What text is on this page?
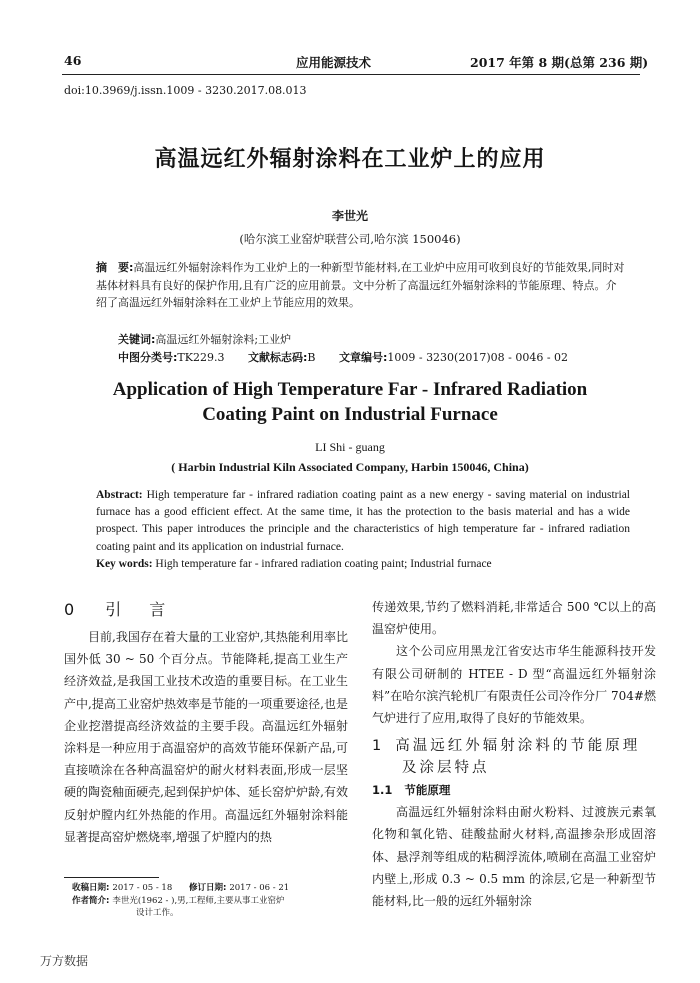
46	应用能源技术	2017 年第 8 期(总第 236 期)
doi:10.3969/j.issn.1009 - 3230.2017.08.013
高温远红外辐射涂料在工业炉上的应用
李世光
(哈尔滨工业窑炉联营公司,哈尔滨 150046)
摘　要:高温远红外辐射涂料作为工业炉上的一种新型节能材料,在工业炉中应用可收到良好的节能效果,同时对基体材料具有良好的保护作用,且有广泛的应用前景。文中分析了高温远红外辐射涂料的节能原理、特点。介绍了高温远红外辐射涂料在工业炉上节能应用的效果。
关键词:高温远红外辐射涂料;工业炉
中图分类号:TK229.3 文献标志码:B 文章编号:1009 - 3230(2017)08 - 0046 - 02
Application of High Temperature Far - Infrared Radiation
Coating Paint on Industrial Furnace
LI Shi - guang
( Harbin Industrial Kiln Associated Company, Harbin 150046, China)
Abstract: High temperature far - infrared radiation coating paint as a new energy - saving material on industrial furnace has a good efficient effect. At the same time, it has the protection to the basis material and has a wide prospect. This paper introduces the principle and the characteristics of high temperature far - infrared radiation coating paint and its application on industrial furnace.
Key words: High temperature far - infrared radiation coating paint; Industrial furnace
0 引　言

目前,我国存在着大量的工业窑炉,其热能利用率比国外低 30 ~ 50 个百分点。节能降耗,提高工业生产经济效益,是我国工业技术改造的重要目标。在工业生产中,提高工业窑炉热效率是节能的一项重要途径,也是企业挖潜提高经济效益的主要手段。高温远红外辐射涂料是一种应用于高温窑炉的高效节能环保新产品,可直接喷涂在各种高温窑炉的耐火材料表面,形成一层坚硬的陶瓷釉面硬壳,起到保护炉体、延长窑炉炉龄,有效反射炉膛内红外热能的作用。高温远红外辐射涂料能显著提高窑炉燃烧率,增强了炉膛内的热

传递效果,节约了燃料消耗,非常适合 500 ℃以上的高温窑炉使用。

这个公司应用黑龙江省安达市华生能源科技开发有限公司研制的 HTEE - D 型“高温远红外辐射涂料”在哈尔滨汽轮机厂有限责任公司冷作分厂 704#燃气炉进行了应用,取得了良好的节能效果。

1 高温远红外辐射涂料的节能原理
及涂层特点
1.1 节能原理

高温远红外辐射涂料由耐火粉料、过渡族元素氧化物和氧化锆、硅酸盐耐火材料,高温掺杂形成固溶体、悬浮剂等组成的粘稠浮流体,喷刷在高温工业窑炉内壁上,形成 0.3 ~ 0.5 mm 的涂层,它是一种新型节能材料,比一般的远红外辐射涂

收稿日期: 2017 - 05 - 18 修订日期: 2017 - 06 - 21
作者简介: 李世光(1962 - ),男,工程师,主要从事工业窑炉
设计工作。
万方数据
